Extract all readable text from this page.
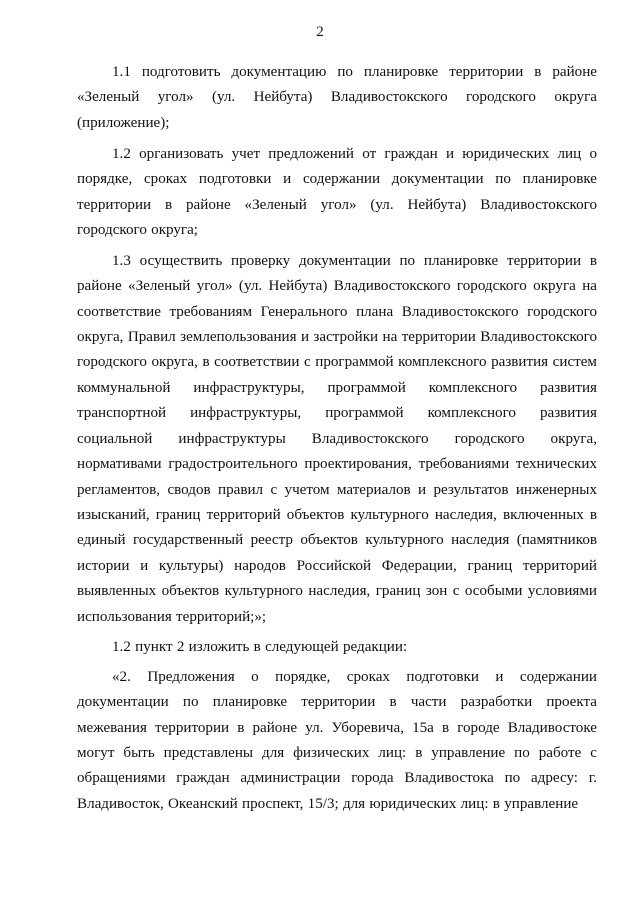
2

1.1 подготовить документацию по планировке территории в районе «Зеленый угол» (ул. Нейбута) Владивостокского городского округа (приложение);

1.2 организовать учет предложений от граждан и юридических лиц о порядке, сроках подготовки и содержании документации по планировке территории в районе «Зеленый угол» (ул. Нейбута) Владивостокского городского округа;

1.3 осуществить проверку документации по планировке территории в районе «Зеленый угол» (ул. Нейбута) Владивостокского городского округа на соответствие требованиям Генерального плана Владивостокского городского округа, Правил землепользования и застройки на территории Владивостокского городского округа, в соответствии с программой комплексного развития систем коммунальной инфраструктуры, программой комплексного развития транспортной инфраструктуры, программой комплексного развития социальной инфраструктуры Владивостокского городского округа, нормативами градостроительного проектирования, требованиями технических регламентов, сводов правил с учетом материалов и результатов инженерных изысканий, границ территорий объектов культурного наследия, включенных в единый государственный реестр объектов культурного наследия (памятников истории и культуры) народов Российской Федерации, границ территорий выявленных объектов культурного наследия, границ зон с особыми условиями использования территорий;»;

1.2 пункт 2 изложить в следующей редакции:

«2. Предложения о порядке, сроках подготовки и содержании документации по планировке территории в части разработки проекта межевания территории в районе ул. Уборевича, 15а в городе Владивостоке могут быть представлены для физических лиц: в управление по работе с обращениями граждан администрации города Владивостока по адресу: г. Владивосток, Океанский проспект, 15/3; для юридических лиц: в управление
